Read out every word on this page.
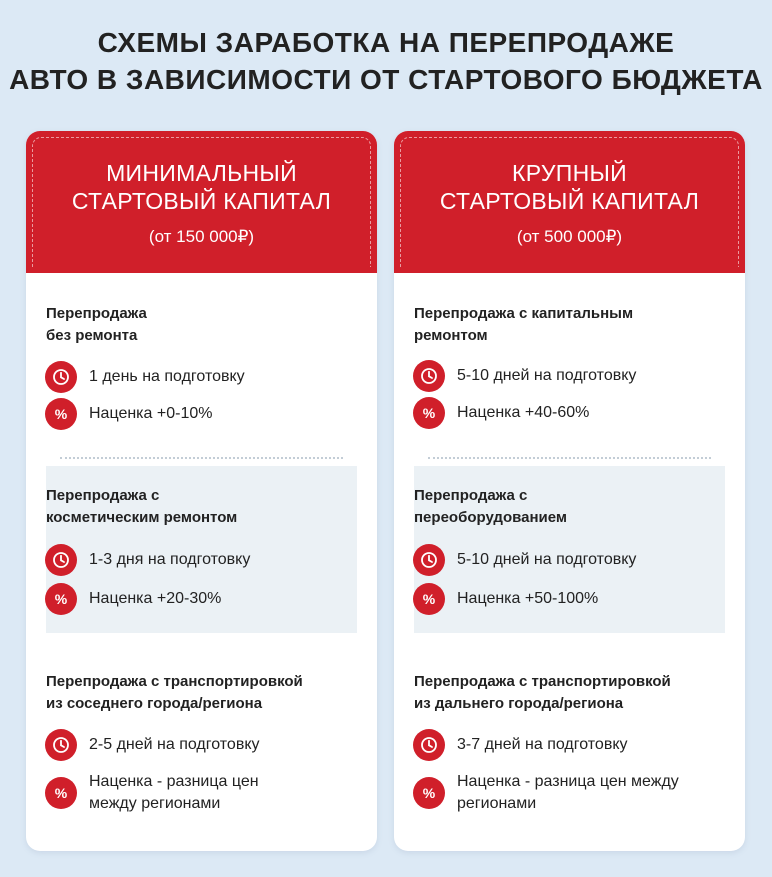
СХЕМЫ ЗАРАБОТКА НА ПЕРЕПРОДАЖЕ
АВТО В ЗАВИСИМОСТИ ОТ СТАРТОВОГО БЮДЖЕТА
МИНИМАЛЬНЫЙ
СТАРТОВЫЙ КАПИТАЛ
(от 150 000₽)
Перепродажа
без ремонта
1 день на подготовку
%	Наценка +0-10%
Перепродажа с
косметическим ремонтом
1-3 дня на подготовку
%	Наценка +20-30%
Перепродажа с транспортировкой
из соседнего города/региона
2-5 дней на подготовку
%
Наценка - разница цен
между регионами
КРУПНЫЙ
СТАРТОВЫЙ КАПИТАЛ
(от 500 000₽)
Перепродажа с капитальным
ремонтом
5-10 дней на подготовку
%	Наценка +40-60%
Перепродажа с
переоборудованием
5-10 дней на подготовку
%	Наценка +50-100%
Перепродажа с транспортировкой
из дальнего города/региона
3-7 дней на подготовку
%
Наценка - разница цен между
регионами
